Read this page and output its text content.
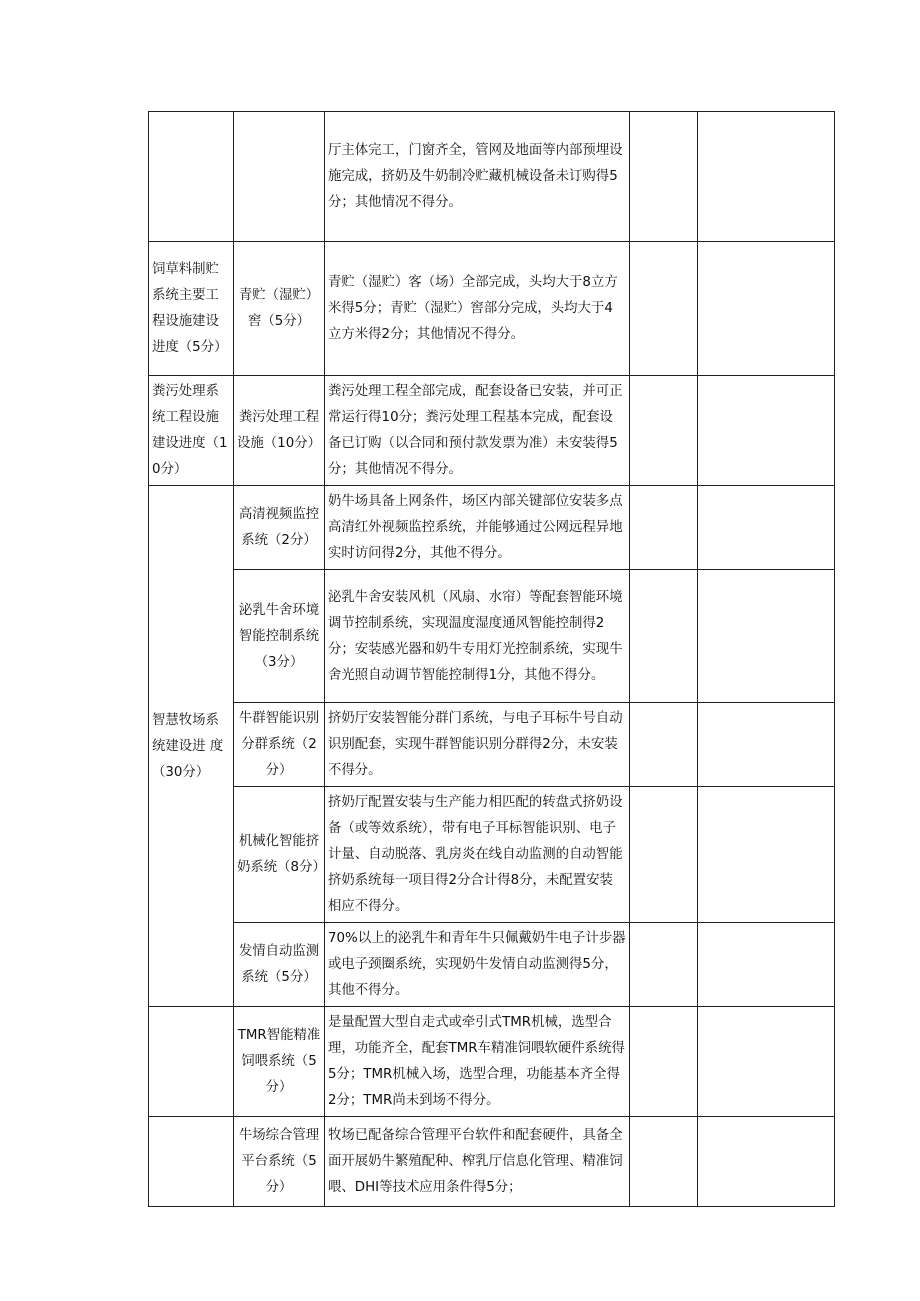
		厅主体完工，门窗齐全，管网及地面等内部预埋设施完成，挤奶及牛奶制冷贮藏机械设备未订购得5分；其他情况不得分。		
饲草料制贮系统主要工程设施建设进度（5分）	青贮（湿贮）窖（5分）	青贮（湿贮）客（场）全部完成，头均大于8立方米得5分；青贮（湿贮）窖部分完成，头均大于4立方米得2分；其他情况不得分。		
粪污处理系统工程设施建设进度（10分）	粪污处理工程设施（10分）	粪污处理工程全部完成，配套设备已安装，并可正常运行得10分；粪污处理工程基本完成，配套设备已订购（以合同和预付款发票为准）未安装得5分；其他情况不得分。		
智慧牧场系统建设进 度（30分）	高清视频监控系统（2分）	奶牛场具备上网条件，场区内部关键部位安装多点高清红外视频监控系统，并能够通过公网远程异地实时访问得2分，其他不得分。		
	泌乳牛舍环境智能控制系统（3分）	泌乳牛舍安装风机（风扇、水帘）等配套智能环境调节控制系统，实现温度湿度通风智能控制得2分；安装感光器和奶牛专用灯光控制系统，实现牛舍光照自动调节智能控制得1分，其他不得分。		
	牛群智能识别分群系统（2分）	挤奶厅安装智能分群门系统，与电子耳标牛号自动识别配套，实现牛群智能识别分群得2分，未安装不得分。		
	机械化智能挤奶系统（8分）	挤奶厅配置安装与生产能力相匹配的转盘式挤奶设备（或等效系统），带有电子耳标智能识别、电子计量、自动脱落、乳房炎在线自动监测的自动智能挤奶系统每一项目得2分合计得8分，未配置安装相应不得分。		
	发情自动监测系统（5分）	70%以上的泌乳牛和青年牛只佩戴奶牛电子计步器或电子颈圈系统，实现奶牛发情自动监测得5分，其他不得分。		
	TMR智能精准饲喂系统（5分）	是量配置大型自走式或牵引式TMR机械，选型合理，功能齐全，配套TMR车精准饲喂软硬件系统得5分；TMR机械入场，选型合理，功能基本齐全得2分；TMR尚未到场不得分。		
	牛场综合管理平台系统（5分）	牧场已配备综合管理平台软件和配套硬件，具备全面开展奶牛繁殖配种、榨乳厅信息化管理、精准饲喂、DHI等技术应用条件得5分；		
